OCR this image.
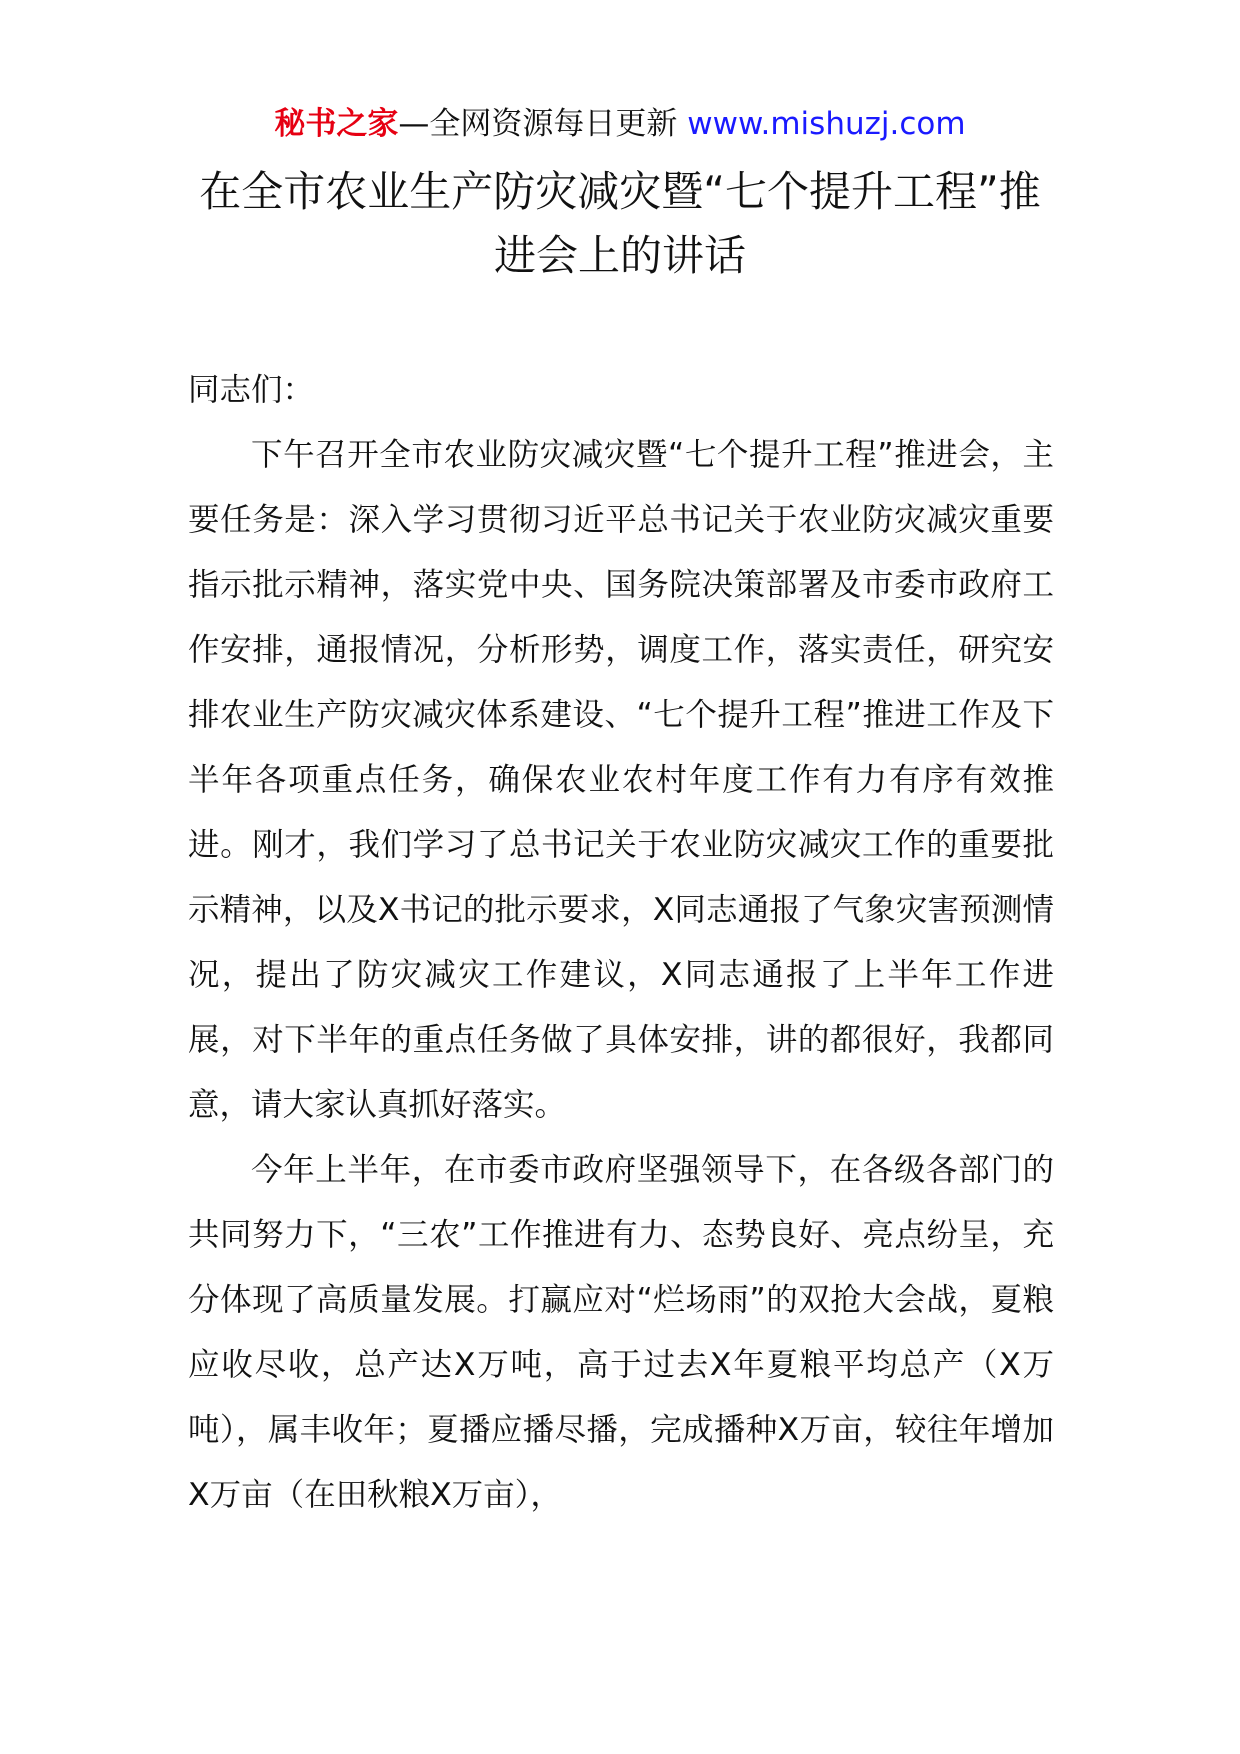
秘书之家—全网资源每日更新 www.mishuzj.com
在全市农业生产防灾减灾暨“七个提升工程”推进会上的讲话

同志们：

下午召开全市农业防灾减灾暨“七个提升工程”推进会，主要任务是：深入学习贯彻习近平总书记关于农业防灾减灾重要指示批示精神，落实党中央、国务院决策部署及市委市政府工作安排，通报情况，分析形势，调度工作，落实责任，研究安排农业生产防灾减灾体系建设、“七个提升工程”推进工作及下半年各项重点任务，确保农业农村年度工作有力有序有效推进。刚才，我们学习了总书记关于农业防灾减灾工作的重要批示精神，以及X书记的批示要求，X同志通报了气象灾害预测情况，提出了防灾减灾工作建议，X同志通报了上半年工作进展，对下半年的重点任务做了具体安排，讲的都很好，我都同意，请大家认真抓好落实。

今年上半年，在市委市政府坚强领导下，在各级各部门的共同努力下，“三农”工作推进有力、态势良好、亮点纷呈，充分体现了高质量发展。打赢应对“烂场雨”的双抢大会战，夏粮应收尽收，总产达X万吨，高于过去X年夏粮平均总产（X万吨），属丰收年；夏播应播尽播，完成播种X万亩，较往年增加X万亩（在田秋粮X万亩），
